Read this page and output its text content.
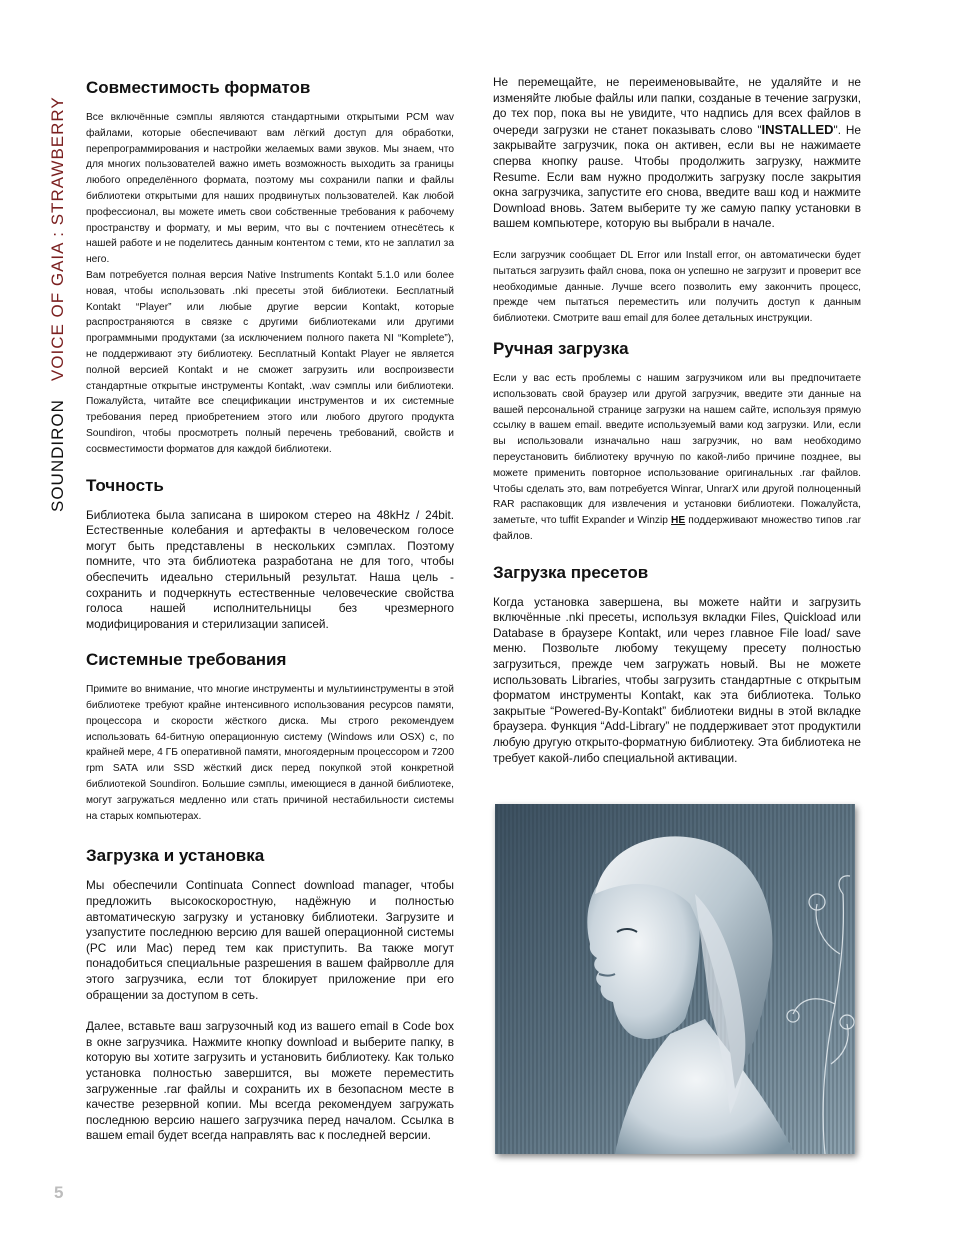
SOUNDIRONVOICE OF GAIA : STRAWBERRY
Совместимость форматов

Все включённые сэмплы являются стандартными открытыми PCM wav файлами, которые обеспечивают вам лёгкий доступ для обработки, перепрограммирования и настройки желаемых вами звуков. Мы знаем, что для многих пользователей важно иметь возможность выходить за границы любого определённого формата, поэтому мы сохранили папки и файлы библиотеки открытыми для наших продвинутых пользователей. Как любой профессионал, вы можете иметь свои собственные требования к рабочему пространству и формату, и мы верим, что вы с почтением отнесётесь к нашей работе и не поделитесь данным контентом с теми, кто не заплатил за него.

Вам потребуется полная версия Native Instruments Kontakt 5.1.0 или более новая, чтобы использовать .nki пресеты этой библиотеки. Бесплатный Kontakt “Player” или любые другие версии Kontakt, которые распространяются в связке с другими библиотеками или другими программными продуктами (за исключением полного пакета NI “Komplete”), не поддерживают эту библиотеку. Бесплатный Kontakt Player не является полной версией Kontakt и не сможет загрузить или воспроизвести стандартные открытые инструменты Kontakt, .wav сэмплы или библиотеки. Пожалуйста, читайте все спецификации инструментов и их системные требования перед приобретением этого или любого другого продукта Soundiron, чтобы просмотреть полный перечень требований, свойств и сосвместимости форматов для каждой библиотеки.

Точность

Библиотека была записана в широком стерео на 48kHz / 24bit. Естественные колебания и артефакты в человеческом голосе могут быть представлены в нескольких сэмплах. Поэтому помните, что эта библиотека разработана не для того, чтобы обеспечить идеально стерильный результат. Наша цель - сохранить и подчеркнуть естественные человеческие свойства голоса нашей исполнительницы без чрезмерного модифицирования и стерилизации записей.

Системные требования

Примите во внимание, что многие инструменты и мультиинструменты в этой библиотеке требуют крайне интенсивного использования ресурсов памяти, процессора и скорости жёсткого диска. Мы строго рекомендуем использовать 64-битную операционную систему (Windows или OSX) с, по крайней мере, 4 ГБ оперативной памяти, многоядерным процессором и 7200 rpm SATA или SSD жёсткий диск перед покупкой этой конкретной библиотекой Soundiron. Большие сэмплы, имеющиеся в данной библиотеке, могут загружаться медленно или стать причиной нестабильности системы на старых компьютерах.

Загрузка и установка

Мы обеспечили Continuata Connect download manager, чтобы предложить высокоскоростную, надёжную и полностью автоматическую загрузку и установку библиотеки. Загрузите и узапустите последнюю версию для вашей операционной системы (PC или Mac) перед тем как приступить. Ва также могут понадобиться специальные разрешения в вашем файрволле для этого загрузчика, если тот блокирует приложение при его обращении за доступом в сеть.

Далее, вставьте ваш загрузочный код из вашего email в Code box в окне загрузчика. Нажмите кнопку download и выберите папку, в которую вы хотите загрузить и установить библиотеку. Как только установка полностью завершится, вы можете переместить загруженные .rar файлы и сохранить их в безопасном месте в качестве резервной копии. Мы всегда рекомендуем загружать последнюю версию нашего загрузчика перед началом. Ссылка в вашем email будет всегда направлять вас к последней версии.

Не перемещайте, не переименовывайте, не удаляйте и не изменяйте любые файлы или папки, созданые в течение загрузки, до тех пор, пока вы не увидите, что надпись для всех файлов в очереди загрузки не станет показывать слово "INSTALLED". Не закрывайте загрузчик, пока он активен, если вы не нажимаете сперва кнопку pause. Чтобы продолжить загрузку, нажмите Resume. Если вам нужно продолжить загрузку после закрытия окна загрузчика, запустите его снова, введите ваш код и нажмите Download вновь. Затем выберите ту же самую папку установки в вашем компьютере, которую вы выбрали в начале.

Если загрузчик сообщает DL Error или Install error, он автоматически будет пытаться загрузить файл снова, пока он успешно не загрузит и проверит все необходимые данные. Лучше всего позволить ему закончить процесс, прежде чем пытаться переместить или получить доступ к данным библиотеки. Смотрите ваш email для более детальных инструкции.

Ручная загрузка

Если у вас есть проблемы с нашим загрузчиком или вы предпочитаете использовать свой браузер или другой загрузчик, введите эти данные на вашей персональной странице загрузки на нашем сайте, используя прямую ссылку в вашем email. введите используемый вами код загрузки. Или, если вы использовали изначально наш загрузчик, но вам необходимо переустановить библиотеку вручную по какой-либо причине позднее, вы можете применить повторное использование оригинальных .rar файлов. Чтобы сделать это, вам потребуется Winrar, UnrarX или другой полноценный RAR распаковщик для извлечения и установки библиотеки. Пожалуйста, заметьте, что tuffit Expander и Winzip НЕ поддерживают множество типов .rar файлов.

Загрузка пресетов

Когда установка завершена, вы можете найти и загрузить включённые .nki пресеты, используя вкладки Files, Quickload или Database в браузере Kontakt, или через главное File load/ save меню. Позвольте любому текущему пресету полностью загрузиться, прежде чем загружать новый. Вы не можете использовать Libraries, чтобы загрузить стандартные с открытым форматом инструменты Kontakt, как эта библиотека. Только закрытые “Powered-By-Kontakt” библиотеки видны в этой вкладке браузера. Функция “Add-Library” не поддерживает этот продуктили любую другую открыто-форматную библиотеку. Эта библиотека не требует какой-либо специальной активации.

5
